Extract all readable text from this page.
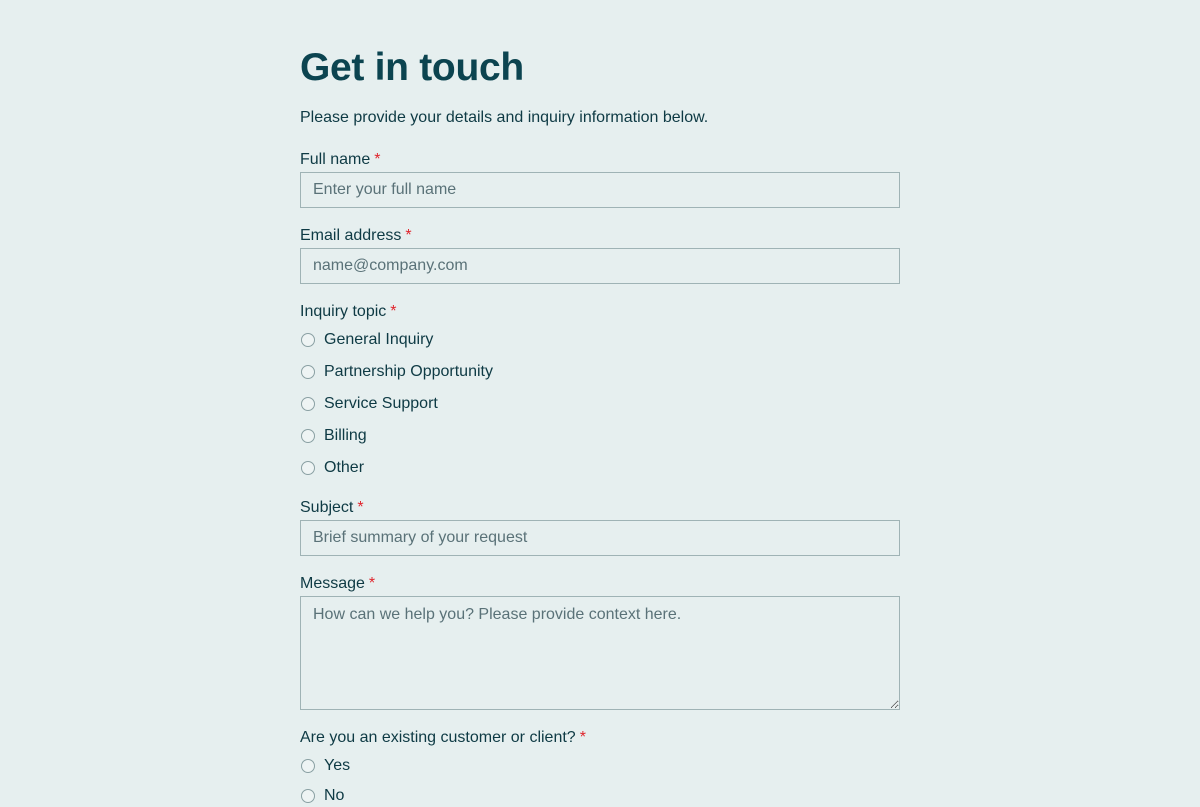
Get in touch
Please provide your details and inquiry information below.
Full name *
Enter your full name
Email address *
name@company.com
Inquiry topic *
General Inquiry
Partnership Opportunity
Service Support
Billing
Other
Subject *
Brief summary of your request
Message *
How can we help you? Please provide context here.
Are you an existing customer or client? *
Yes
No
